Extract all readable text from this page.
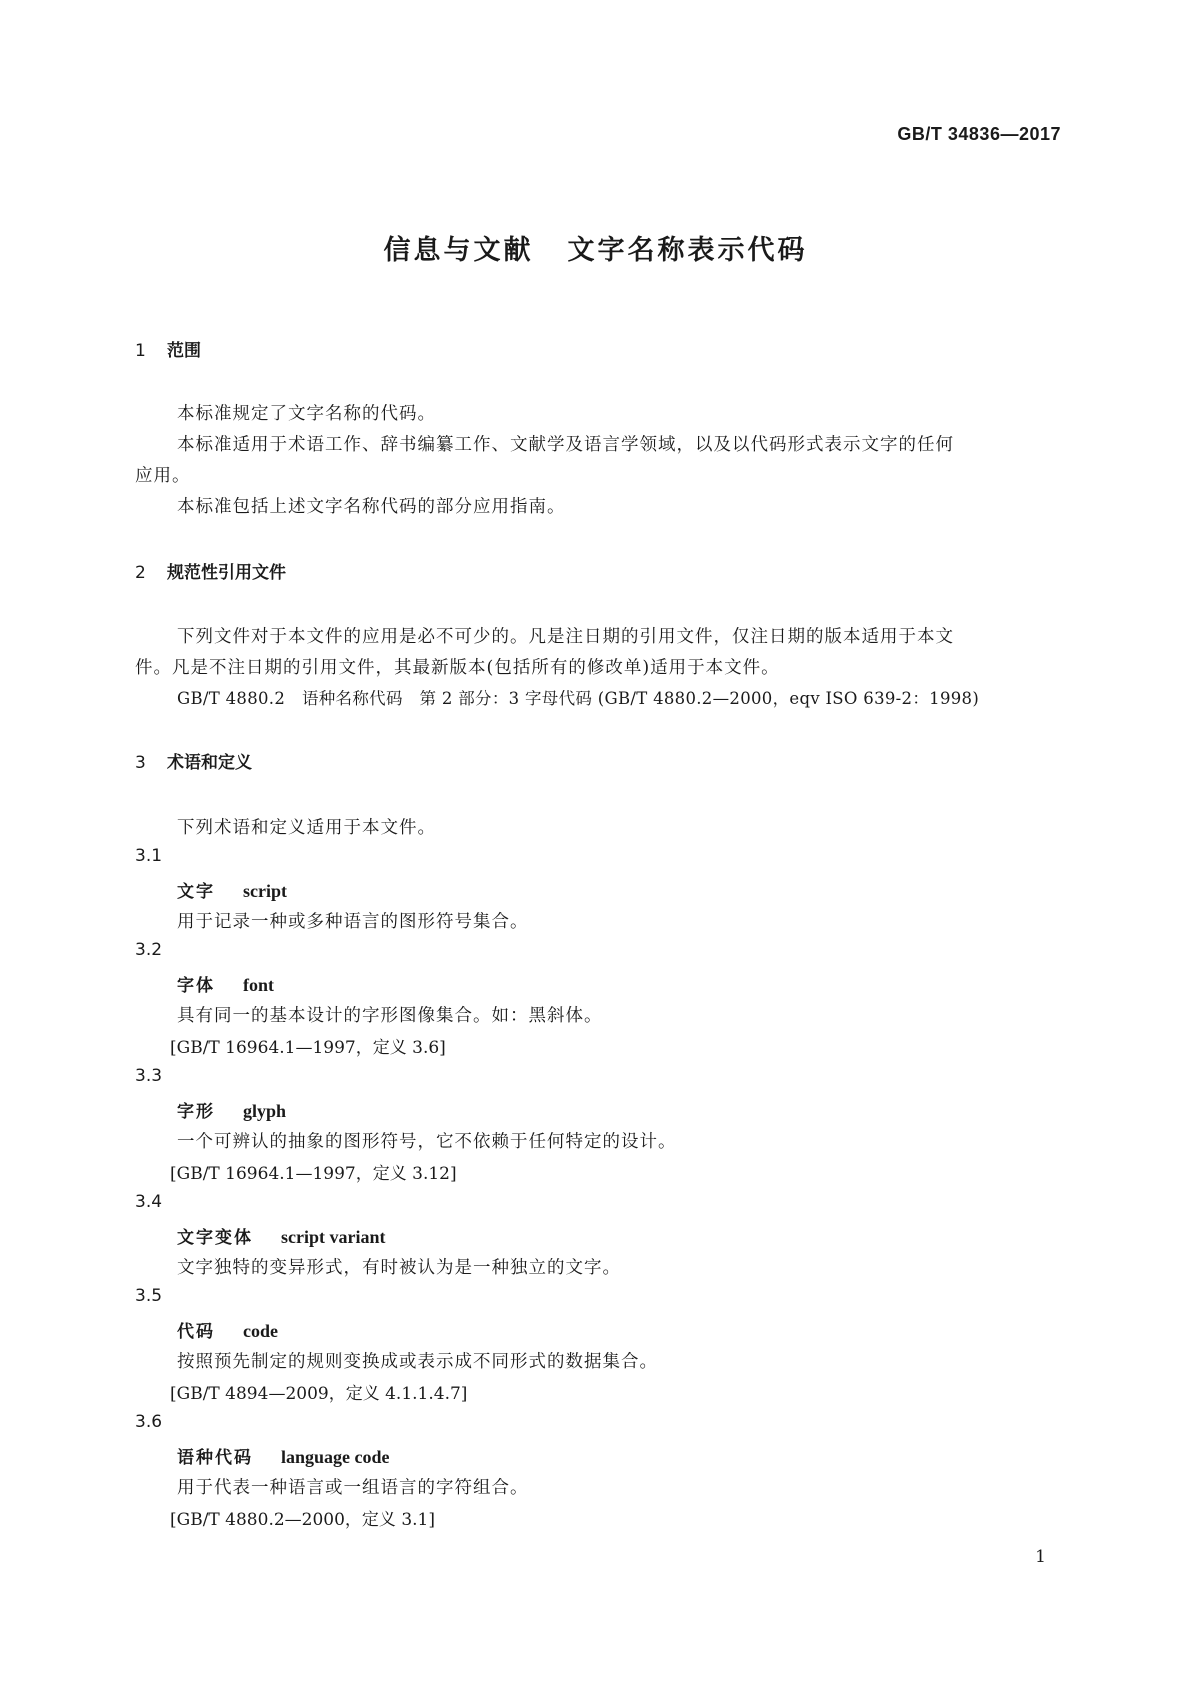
GB/T 34836—2017
信息与文献 文字名称表示代码
1 范围
本标准规定了文字名称的代码。
本标准适用于术语工作、辞书编纂工作、文献学及语言学领域，以及以代码形式表示文字的任何
应用。
本标准包括上述文字名称代码的部分应用指南。
2 规范性引用文件
下列文件对于本文件的应用是必不可少的。凡是注日期的引用文件，仅注日期的版本适用于本文
件。凡是不注日期的引用文件，其最新版本(包括所有的修改单)适用于本文件。
GB/T 4880.2　语种名称代码　第 2 部分：3 字母代码 (GB/T 4880.2—2000，eqv ISO 639-2：1998)
3 术语和定义
下列术语和定义适用于本文件。
3.1
文字 script
用于记录一种或多种语言的图形符号集合。
3.2
字体 font
具有同一的基本设计的字形图像集合。如：黑斜体。
[GB/T 16964.1—1997，定义 3.6]
3.3
字形 glyph
一个可辨认的抽象的图形符号，它不依赖于任何特定的设计。
[GB/T 16964.1—1997，定义 3.12]
3.4
文字变体 script variant
文字独特的变异形式，有时被认为是一种独立的文字。
3.5
代码 code
按照预先制定的规则变换成或表示成不同形式的数据集合。
[GB/T 4894—2009，定义 4.1.1.4.7]
3.6
语种代码 language code
用于代表一种语言或一组语言的字符组合。
[GB/T 4880.2—2000，定义 3.1]
1
